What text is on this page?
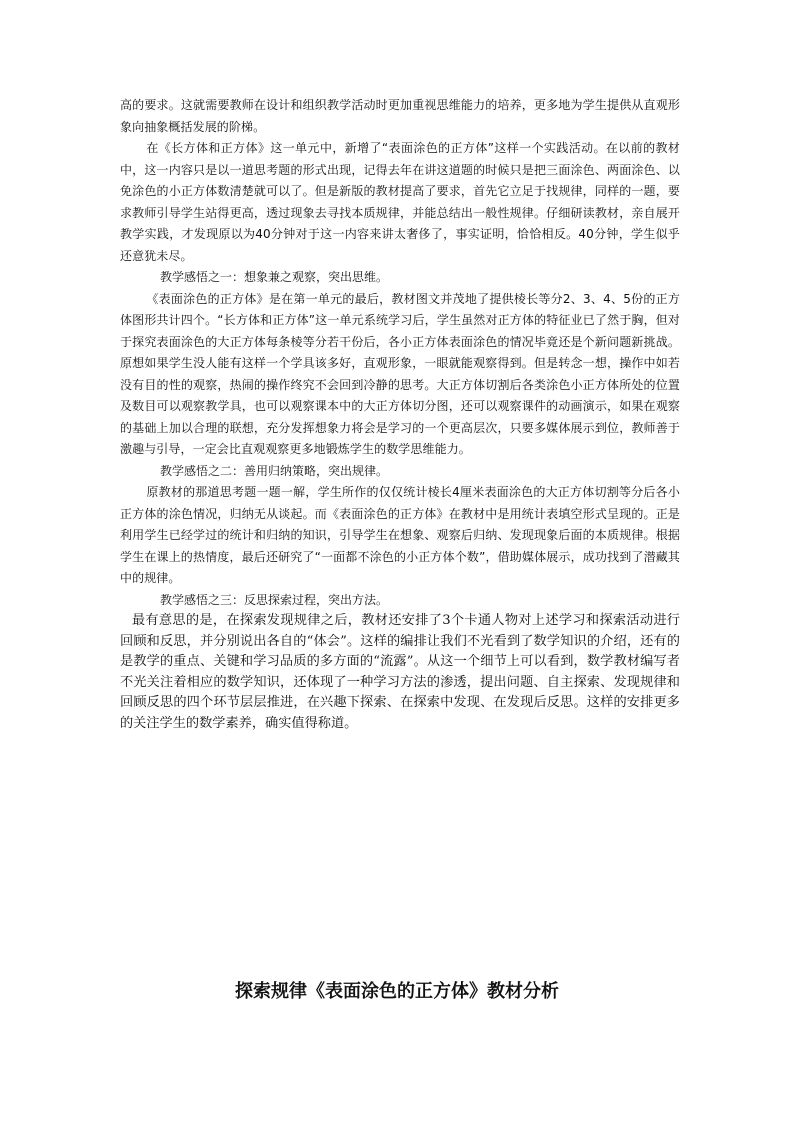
高的要求。这就需要教师在设计和组织教学活动时更加重视思维能力的培养，更多地为学生提供从直观形象向抽象概括发展的阶梯。

在《长方体和正方体》这一单元中，新增了“表面涂色的正方体”这样一个实践活动。在以前的教材中，这一内容只是以一道思考题的形式出现，记得去年在讲这道题的时候只是把三面涂色、两面涂色、以免涂色的小正方体数清楚就可以了。但是新版的教材提高了要求，首先它立足于找规律，同样的一题，要求教师引导学生站得更高，透过现象去寻找本质规律，并能总结出一般性规律。仔细研读教材，亲自展开教学实践，才发现原以为40分钟对于这一内容来讲太奢侈了，事实证明，恰恰相反。40分钟，学生似乎还意犹未尽。

教学感悟之一：想象兼之观察，突出思维。

《表面涂色的正方体》是在第一单元的最后，教材图文并茂地了提供棱长等分2、3、4、5份的正方体图形共计四个。“长方体和正方体”这一单元系统学习后，学生虽然对正方体的特征业已了然于胸，但对于探究表面涂色的大正方体每条棱等分若干份后，各小正方体表面涂色的情况毕竟还是个新问题新挑战。原想如果学生没人能有这样一个学具该多好，直观形象，一眼就能观察得到。但是转念一想，操作中如若没有目的性的观察，热闹的操作终究不会回到冷静的思考。大正方体切割后各类涂色小正方体所处的位置及数目可以观察教学具，也可以观察课本中的大正方体切分图，还可以观察课件的动画演示，如果在观察的基础上加以合理的联想，充分发挥想象力将会是学习的一个更高层次，只要多媒体展示到位，教师善于激趣与引导，一定会比直观观察更多地锻炼学生的数学思维能力。

教学感悟之二：善用归纳策略，突出规律。

原教材的那道思考题一题一解，学生所作的仅仅统计棱长4厘米表面涂色的大正方体切割等分后各小正方体的涂色情况，归纳无从谈起。而《表面涂色的正方体》在教材中是用统计表填空形式呈现的。正是利用学生已经学过的统计和归纳的知识，引导学生在想象、观察后归纳、发现现象后面的本质规律。根据学生在课上的热情度，最后还研究了“一面都不涂色的小正方体个数”，借助媒体展示，成功找到了潜藏其中的规律。

教学感悟之三：反思探索过程，突出方法。

最有意思的是，在探索发现规律之后，教材还安排了3个卡通人物对上述学习和探索活动进行回顾和反思，并分别说出各自的“体会”。这样的编排让我们不光看到了数学知识的介绍，还有的是教学的重点、关键和学习品质的多方面的“流露”。从这一个细节上可以看到，数学教材编写者不光关注着相应的数学知识，还体现了一种学习方法的渗透，提出问题、自主探索、发现规律和回顾反思的四个环节层层推进，在兴趣下探索、在探索中发现、在发现后反思。这样的安排更多的关注学生的数学素养，确实值得称道。

探索规律《表面涂色的正方体》教材分析
